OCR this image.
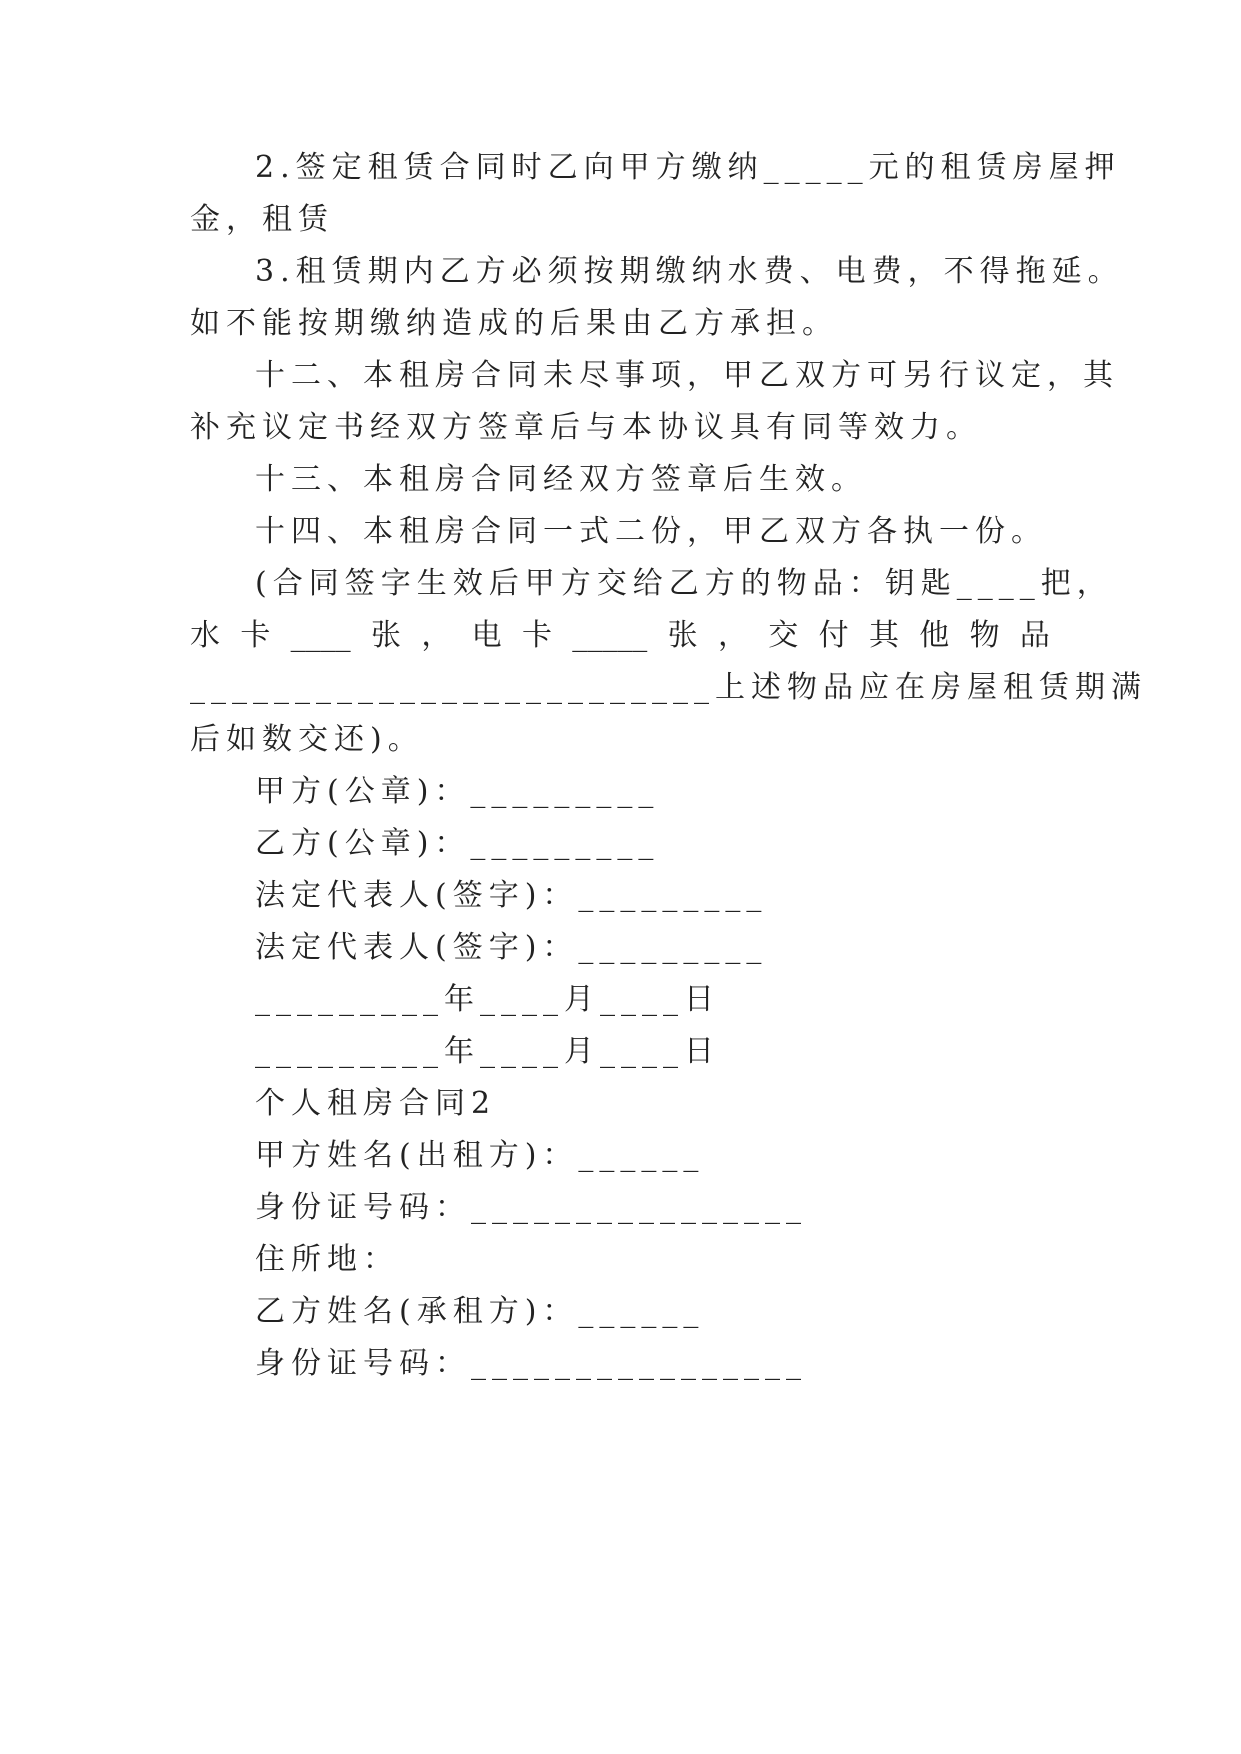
2.签定租赁合同时乙向甲方缴纳_____元的租赁房屋押
金，租赁
3.租赁期内乙方必须按期缴纳水费、电费，不得拖延。
如不能按期缴纳造成的后果由乙方承担。
十二、本租房合同未尽事项，甲乙双方可另行议定，其
补充议定书经双方签章后与本协议具有同等效力。
十三、本租房合同经双方签章后生效。
十四、本租房合同一式二份，甲乙双方各执一份。
(合同签字生效后甲方交给乙方的物品：钥匙____把，
水 卡 ____ 张 ， 电 卡 _____ 张 ， 交 付 其 他 物 品
_________________________上述物品应在房屋租赁期满
后如数交还)。
甲方(公章)：_________
乙方(公章)：_________
法定代表人(签字)：_________
法定代表人(签字)：_________
_________年____月____日
_________年____月____日
个人租房合同2
甲方姓名(出租方)：______
身份证号码：________________
住所地：
乙方姓名(承租方)：______
身份证号码：________________
